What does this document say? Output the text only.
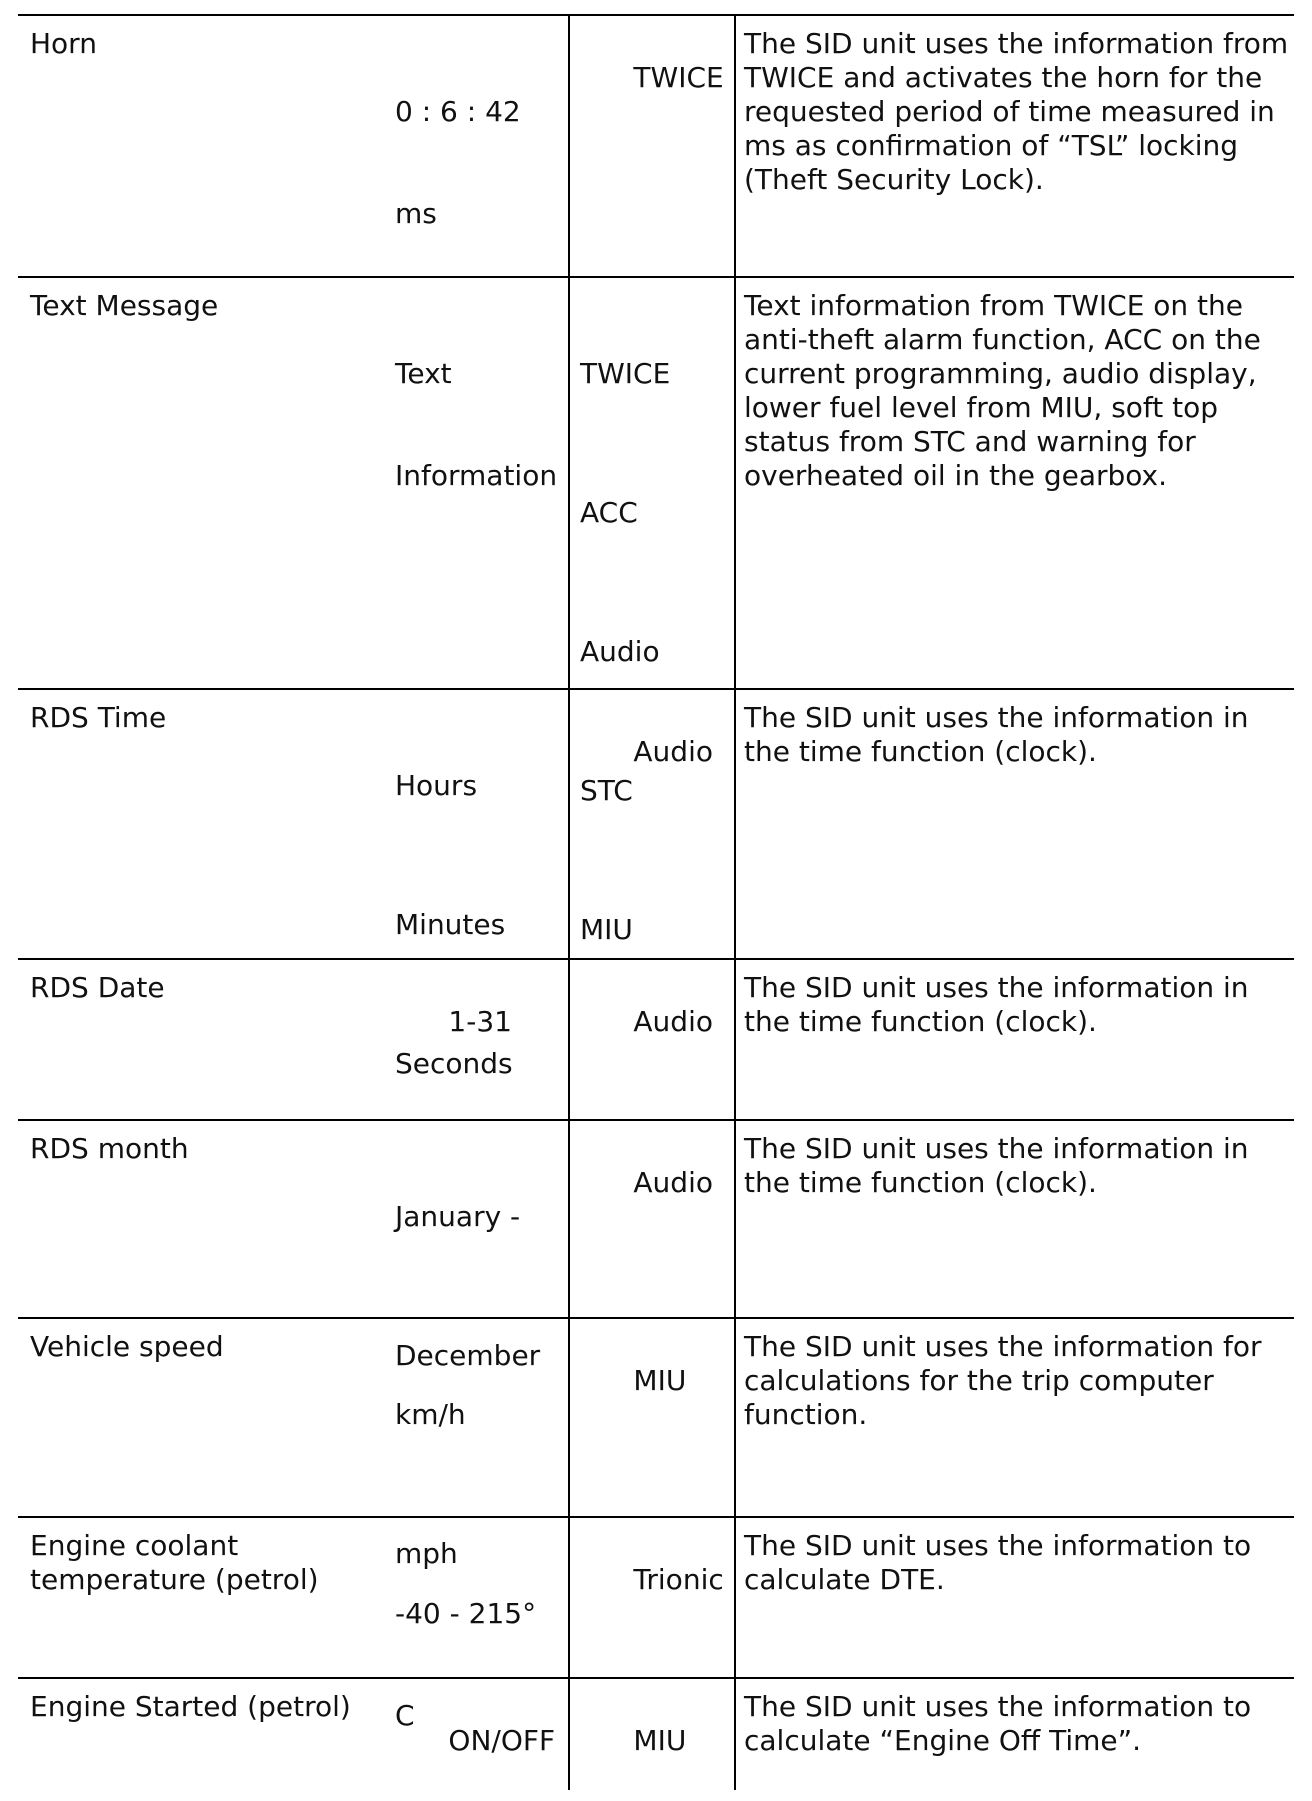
Horn

0 : 6 : 42

ms

TWICE

The SID unit uses the information from TWICE and activates the horn for the requested period of time measured in ms as confirmation of “TSL” locking (Theft Security Lock).
Text Message

Text

Information

TWICE

ACC

Audio

STC

MIU

Text information from TWICE on the anti-theft alarm function, ACC on the current programming, audio display, lower fuel level from MIU, soft top status from STC and warning for overheated oil in the gearbox.
RDS Time

Hours

Minutes

Seconds

Audio

The SID unit uses the information in the time function (clock).
RDS Date

1-31
	Audio

The SID unit uses the information in the time function (clock).
RDS month

January -

December

Audio

The SID unit uses the information in the time function (clock).
Vehicle speed

km/h

mph

MIU

The SID unit uses the information for calculations for the trip computer function.
Engine coolant temperature (petrol)

-40 - 215°

C

Trionic

The SID unit uses the information to calculate DTE.
Engine Started (petrol)

ON/OFF
	MIU

The SID unit uses the information to calculate “Engine Off Time”.
